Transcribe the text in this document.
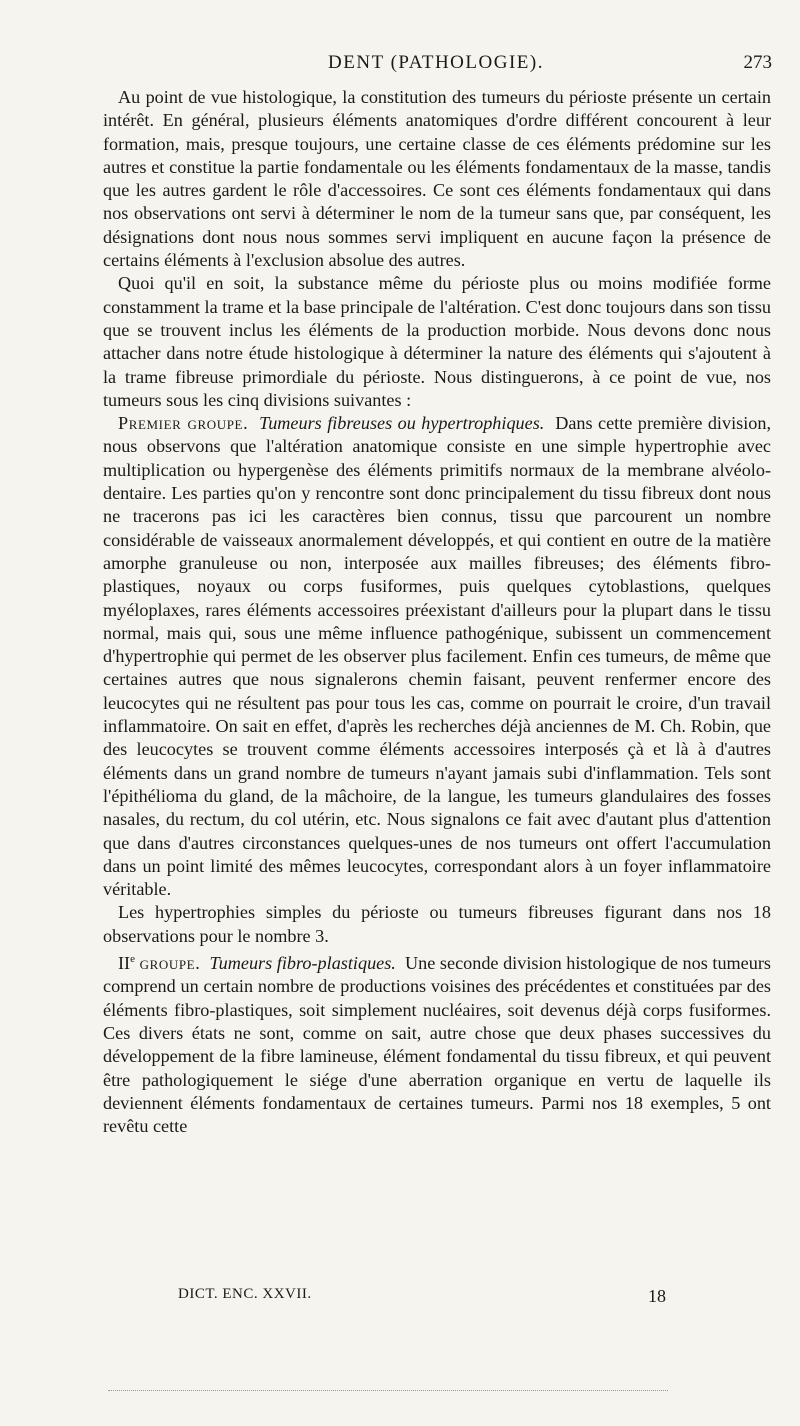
DENT (PATHOLOGIE).	273

Au point de vue histologique, la constitution des tumeurs du périoste présente un certain intérêt. En général, plusieurs éléments anatomiques d'ordre différent concourent à leur formation, mais, presque toujours, une certaine classe de ces éléments prédomine sur les autres et constitue la partie fondamentale ou les éléments fondamentaux de la masse, tandis que les autres gardent le rôle d'accessoires. Ce sont ces éléments fondamentaux qui dans nos observations ont servi à déterminer le nom de la tumeur sans que, par conséquent, les désignations dont nous nous sommes servi impliquent en aucune façon la présence de certains éléments à l'exclusion absolue des autres.

Quoi qu'il en soit, la substance même du périoste plus ou moins modifiée forme constamment la trame et la base principale de l'altération. C'est donc toujours dans son tissu que se trouvent inclus les éléments de la production morbide. Nous devons donc nous attacher dans notre étude histologique à déterminer la nature des éléments qui s'ajoutent à la trame fibreuse primordiale du périoste. Nous distinguerons, à ce point de vue, nos tumeurs sous les cinq divisions suivantes :

Premier groupe. Tumeurs fibreuses ou hypertrophiques. Dans cette première division, nous observons que l'altération anatomique consiste en une simple hypertrophie avec multiplication ou hypergenèse des éléments primitifs normaux de la membrane alvéolo-dentaire. Les parties qu'on y rencontre sont donc principalement du tissu fibreux dont nous ne tracerons pas ici les caractères bien connus, tissu que parcourent un nombre considérable de vaisseaux anormalement développés, et qui contient en outre de la matière amorphe granuleuse ou non, interposée aux mailles fibreuses; des éléments fibro-plastiques, noyaux ou corps fusiformes, puis quelques cytoblastions, quelques myéloplaxes, rares éléments accessoires préexistant d'ailleurs pour la plupart dans le tissu normal, mais qui, sous une même influence pathogénique, subissent un commencement d'hypertrophie qui permet de les observer plus facilement. Enfin ces tumeurs, de même que certaines autres que nous signalerons chemin faisant, peuvent renfermer encore des leucocytes qui ne résultent pas pour tous les cas, comme on pourrait le croire, d'un travail inflammatoire. On sait en effet, d'après les recherches déjà anciennes de M. Ch. Robin, que des leucocytes se trouvent comme éléments accessoires interposés çà et là à d'autres éléments dans un grand nombre de tumeurs n'ayant jamais subi d'inflammation. Tels sont l'épithélioma du gland, de la mâchoire, de la langue, les tumeurs glandulaires des fosses nasales, du rectum, du col utérin, etc. Nous signalons ce fait avec d'autant plus d'attention que dans d'autres circonstances quelques-unes de nos tumeurs ont offert l'accumulation dans un point limité des mêmes leucocytes, correspondant alors à un foyer inflammatoire véritable.

Les hypertrophies simples du périoste ou tumeurs fibreuses figurant dans nos 18 observations pour le nombre 3.

IIe groupe. Tumeurs fibro-plastiques. Une seconde division histologique de nos tumeurs comprend un certain nombre de productions voisines des précédentes et constituées par des éléments fibro-plastiques, soit simplement nucléaires, soit devenus déjà corps fusiformes. Ces divers états ne sont, comme on sait, autre chose que deux phases successives du développement de la fibre lamineuse, élément fondamental du tissu fibreux, et qui peuvent être pathologiquement le siége d'une aberration organique en vertu de laquelle ils deviennent éléments fondamentaux de certaines tumeurs. Parmi nos 18 exemples, 5 ont revêtu cette

DICT. ENC. XXVII.	18
